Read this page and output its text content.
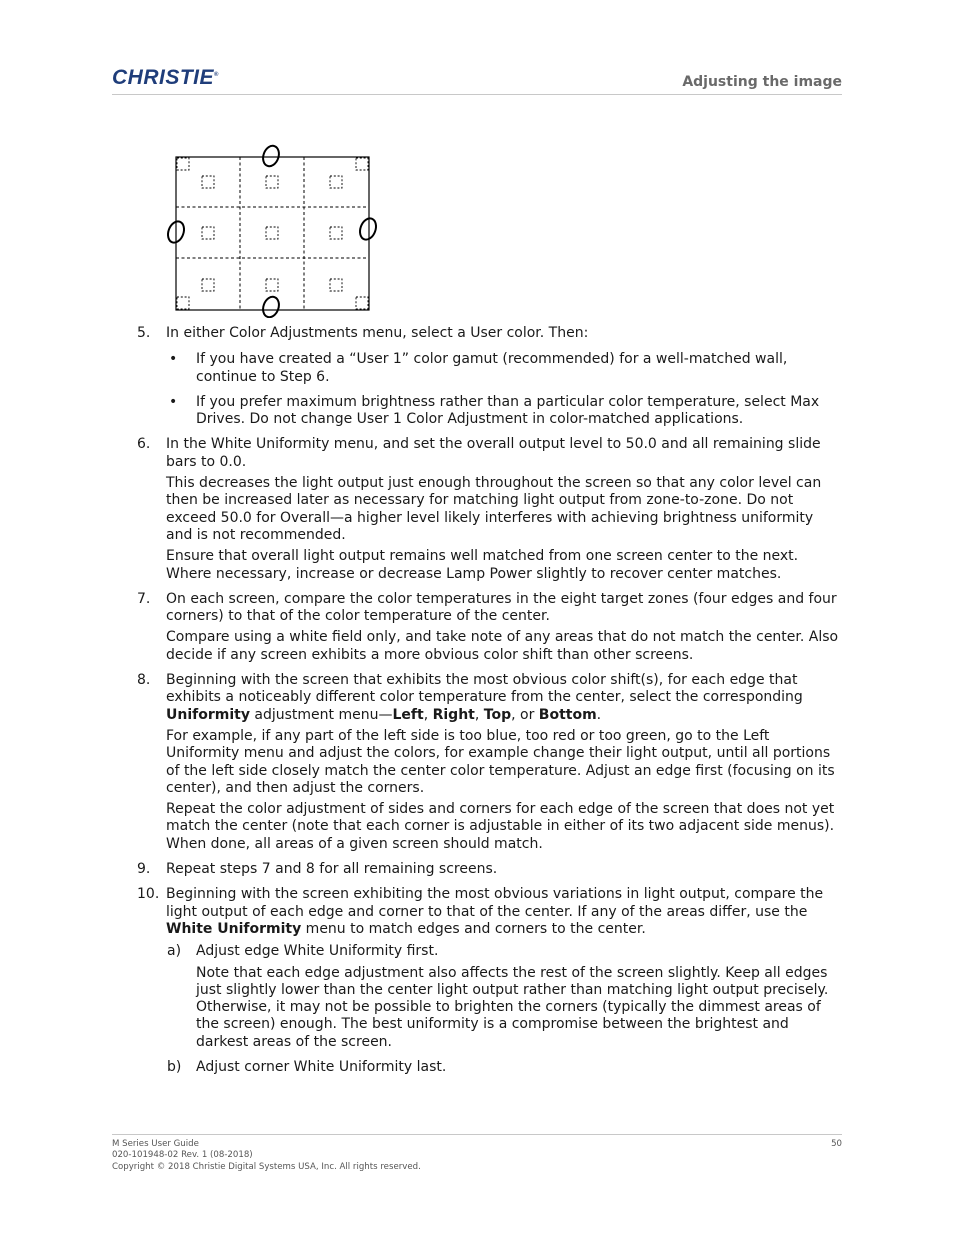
CHRISTIE®	Adjusting the image
5.	In either Color Adjustments menu, select a User color. Then:

• If you have created a “User 1” color gamut (recommended) for a well-matched wall, continue to Step 6.
• If you prefer maximum brightness rather than a particular color temperature, select Max Drives. Do not change User 1 Color Adjustment in color-matched applications.
6.	In the White Uniformity menu, and set the overall output level to 50.0 and all remaining slide bars to 0.0.

This decreases the light output just enough throughout the screen so that any color level can then be increased later as necessary for matching light output from zone-to-zone. Do not exceed 50.0 for Overall—a higher level likely interferes with achieving brightness uniformity and is not recommended.

Ensure that overall light output remains well matched from one screen center to the next. Where necessary, increase or decrease Lamp Power slightly to recover center matches.

7.	On each screen, compare the color temperatures in the eight target zones (four edges and four corners) to that of the color temperature of the center.

Compare using a white field only, and take note of any areas that do not match the center. Also decide if any screen exhibits a more obvious color shift than other screens.

8.	Beginning with the screen that exhibits the most obvious color shift(s), for each edge that exhibits a noticeably different color temperature from the center, select the corresponding Uniformity adjustment menu—Left, Right, Top, or Bottom.

For example, if any part of the left side is too blue, too red or too green, go to the Left Uniformity menu and adjust the colors, for example change their light output, until all portions of the left side closely match the center color temperature. Adjust an edge first (focusing on its center), and then adjust the corners.

Repeat the color adjustment of sides and corners for each edge of the screen that does not yet match the center (note that each corner is adjustable in either of its two adjacent side menus). When done, all areas of a given screen should match.

9.	Repeat steps 7 and 8 for all remaining screens.

10. Beginning with the screen exhibiting the most obvious variations in light output, compare the light output of each edge and corner to that of the center. If any of the areas differ, use the White Uniformity menu to match edges and corners to the center.

a) Adjust edge White Uniformity first.

Note that each edge adjustment also affects the rest of the screen slightly. Keep all edges just slightly lower than the center light output rather than matching light output precisely. Otherwise, it may not be possible to brighten the corners (typically the dimmest areas of the screen) enough. The best uniformity is a compromise between the brightest and darkest areas of the screen.

b) Adjust corner White Uniformity last.

M Series User Guide
020-101948-02 Rev. 1 (08-2018)
Copyright © 2018 Christie Digital Systems USA, Inc. All rights reserved.
50
